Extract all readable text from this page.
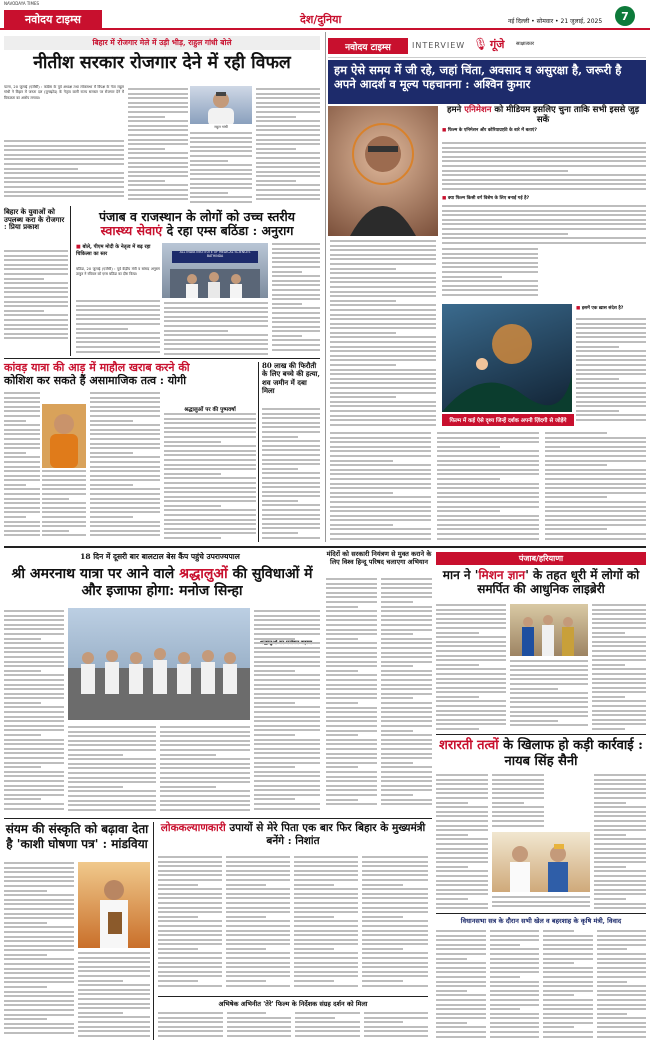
नवोदय टाइम्स
NAVODAYA TIMES
देश/दुनिया	नई दिल्ली • सोमवार • 21 जुलाई, 2025	7
बिहार में रोजगार मेले में उड़ी भीड़, राहुल गांधी बोले
नीतीश सरकार रोजगार देने में रही विफल
पटना, 20 जुलाई (एजेंसी) : कांग्रेस के पूर्व अध्यक्ष तथा लोकसभा में विपक्ष के नेता राहुल गांधी ने बिहार में जनता दल (यूनाइटेड) के नेतृत्व वाली राज्य सरकार पर रोजगार देने में विफलता का आरोप लगाया।
राहुल गांधी
बिहार के युवाओं को उपलब्ध करा के रोजगार : प्रिया प्रकाश
पंजाब व राजस्थान के लोगों को उच्च स्तरीय
स्वास्थ्य सेवाएं दे रहा एम्स बठिंडा : अनुराग
■ बोले, पीएम मोदी के नेतृत्व में बढ़ रहा चिकित्सा का स्तर	ALL INDIA INSTITUTE OF MEDICAL SCIENCES BATHINDA
बठिंडा, 20 जुलाई (एजेंसी) : पूर्व केंद्रीय मंत्री व सांसद अनुराग ठाकुर ने रविवार को एम्स बठिंडा का दौरा किया।
कांवड़ यात्रा की आड़ में माहौल खराब करने की
कोशिश कर सकते हैं असामाजिक तत्व : योगी
श्रद्धालुओं पर की पुष्पवर्षा
80 लाख की फिरौती के लिए बच्चे की हत्या, शव जमीन में दबा मिला
नवोदय टाइम्स	INTERVIEW 🎙 गूंजे साक्षात्कार
हम ऐसे समय में जी रहे, जहां चिंता, अवसाद व असुरक्षा है, जरूरी है अपने आदर्श व मूल्य पहचानना : अश्विन कुमार
हमने एनिमेशन को मीडियम इसलिए चुना ताकि सभी इससे जुड़ सकें
■ फिल्म के एनिमेशन और कोरियाग्राफ़ी के बारे में बताएं?
■ क्या फिल्म किसी वर्ग विशेष के लिए बनाई गई है?
■ इसमें एक ख़ास संदेश है?
फिल्म में कई ऐसे दृश्य जिन्हें दर्शक अपनी ज़िंदगी से जोड़ेंगे
18 दिन में दूसरी बार बालटाल बेस कैंप पहुंचे उपराज्यपाल
श्री अमरनाथ यात्रा पर आने वाले श्रद्धालुओं की सुविधाओं में और इजाफा होगा: मनोज सिन्हा
मंदिरों को सरकारी नियंत्रण से मुक्त कराने के लिए विश्व हिन्दू परिषद चलाएगा अभियान	पंजाब/हरियाणा
मान ने 'मिशन ज्ञान' के तहत धूरी में लोगों को समर्पित की आधुनिक लाइब्रेरी
शरारती तत्वों के खिलाफ हो कड़ी कार्रवाई : नायब सिंह सैनी
संयम की संस्कृति को बढ़ावा देता है 'काशी घोषणा पत्र' : मांडविया
लोककल्याणकारी उपायों से मेरे पिता एक बार फिर बिहार के मुख्यमंत्री बनेंगे : निशांत
अभिषेक अभिनीत 'तेरे' फिल्म के निर्देशक संग्रह दर्शन को मिला
विधानसभा सत्र के दौरान सभी खेल व बहरशाह के कृषि मंत्री, विवाद
